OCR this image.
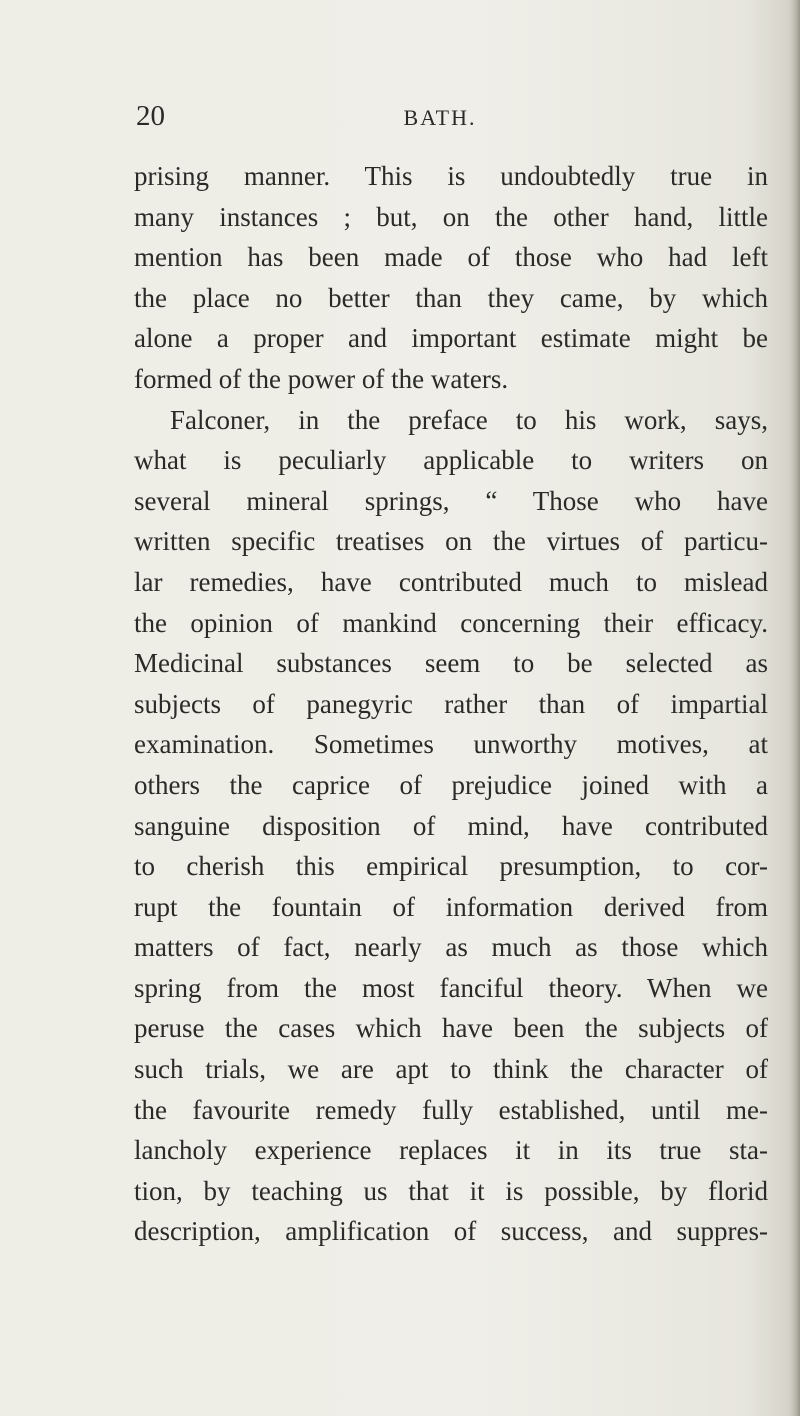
20	BATH.
prising manner. This is undoubtedly true in
many instances ; but, on the other hand, little
mention has been made of those who had left
the place no better than they came, by which
alone a proper and important estimate might be
formed of the power of the waters.
Falconer, in the preface to his work, says,
what is peculiarly applicable to writers on
several mineral springs, “ Those who have
written specific treatises on the virtues of particu-
lar remedies, have contributed much to mislead
the opinion of mankind concerning their efficacy.
Medicinal substances seem to be selected as
subjects of panegyric rather than of impartial
examination. Sometimes unworthy motives, at
others the caprice of prejudice joined with a
sanguine disposition of mind, have contributed
to cherish this empirical presumption, to cor-
rupt the fountain of information derived from
matters of fact, nearly as much as those which
spring from the most fanciful theory. When we
peruse the cases which have been the subjects of
such trials, we are apt to think the character of
the favourite remedy fully established, until me-
lancholy experience replaces it in its true sta-
tion, by teaching us that it is possible, by florid
description, amplification of success, and suppres-
